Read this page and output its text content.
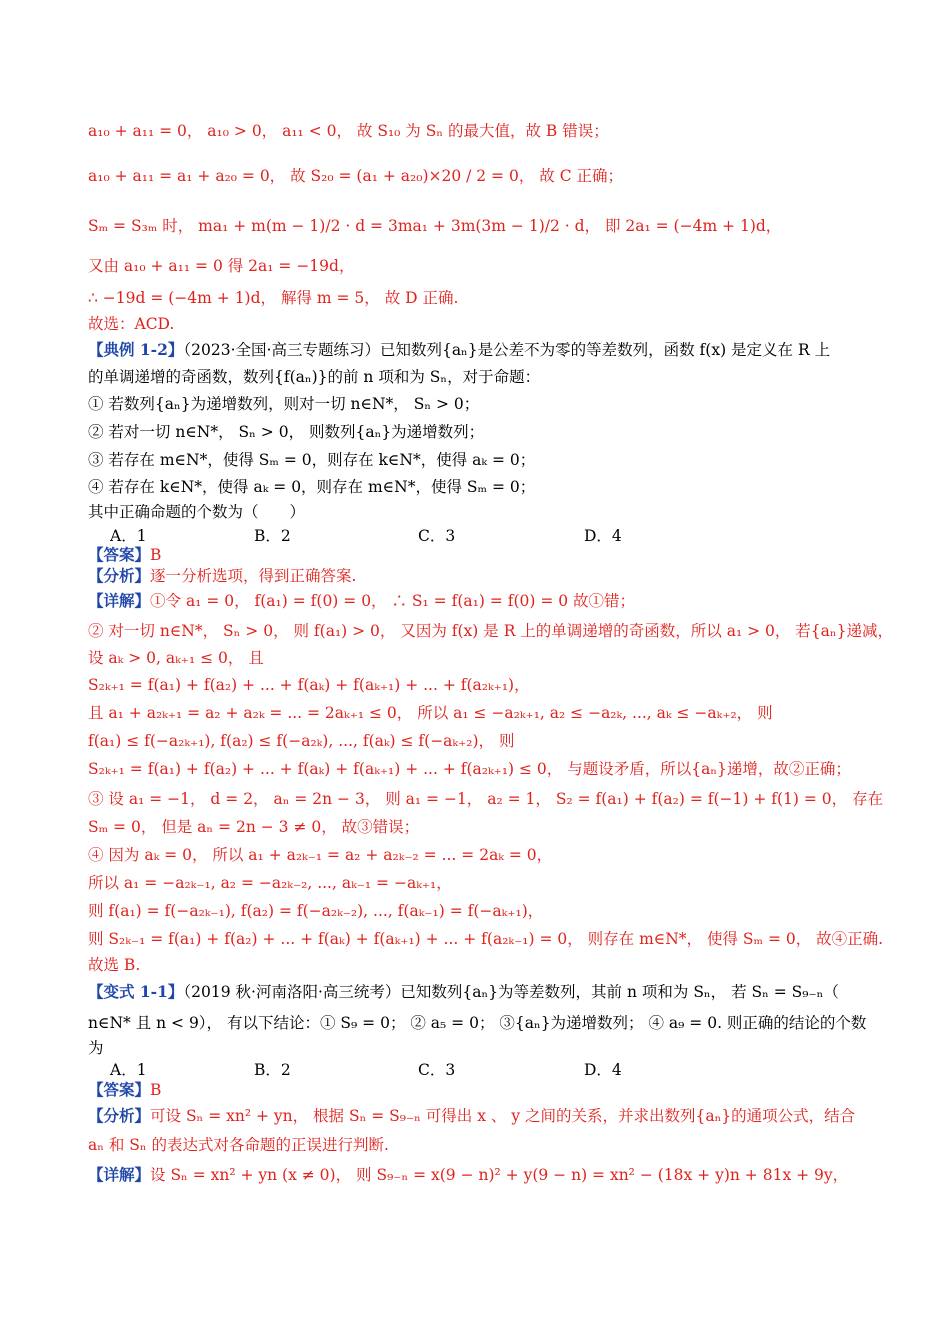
a₁₀ + a₁₁ = 0， a₁₀ > 0， a₁₁ < 0， 故 S₁₀ 为 Sₙ 的最大值，故 B 错误；
a₁₀ + a₁₁ = a₁ + a₂₀ = 0， 故 S₂₀ = (a₁ + a₂₀)×20 / 2 = 0， 故 C 正确；
Sₘ = S₃ₘ 时， ma₁ + m(m − 1)/2 · d = 3ma₁ + 3m(3m − 1)/2 · d， 即 2a₁ = (−4m + 1)d，
又由 a₁₀ + a₁₁ = 0 得 2a₁ = −19d，
∴ −19d = (−4m + 1)d， 解得 m = 5， 故 D 正确.
故选：ACD.
【典例 1-2】（2023·全国·高三专题练习）已知数列{aₙ}是公差不为零的等差数列，函数 f(x) 是定义在 R 上
的单调递增的奇函数，数列{f(aₙ)}的前 n 项和为 Sₙ，对于命题：
① 若数列{aₙ}为递增数列，则对一切 n∈N*， Sₙ > 0；
② 若对一切 n∈N*， Sₙ > 0， 则数列{aₙ}为递增数列；
③ 若存在 m∈N*，使得 Sₘ = 0，则存在 k∈N*，使得 aₖ = 0；
④ 若存在 k∈N*，使得 aₖ = 0，则存在 m∈N*，使得 Sₘ = 0；
其中正确命题的个数为（　　）
A．1	B．2	C．3	D．4
【答案】B
【分析】逐一分析选项，得到正确答案.
【详解】①令 a₁ = 0， f(a₁) = f(0) = 0， ∴ S₁ = f(a₁) = f(0) = 0 故①错；
② 对一切 n∈N*， Sₙ > 0， 则 f(a₁) > 0， 又因为 f(x) 是 R 上的单调递增的奇函数，所以 a₁ > 0， 若{aₙ}递减，
设 aₖ > 0, aₖ₊₁ ≤ 0， 且
S₂ₖ₊₁ = f(a₁) + f(a₂) + ... + f(aₖ) + f(aₖ₊₁) + ... + f(a₂ₖ₊₁)，
且 a₁ + a₂ₖ₊₁ = a₂ + a₂ₖ = ... = 2aₖ₊₁ ≤ 0， 所以 a₁ ≤ −a₂ₖ₊₁, a₂ ≤ −a₂ₖ, ..., aₖ ≤ −aₖ₊₂， 则
f(a₁) ≤ f(−a₂ₖ₊₁), f(a₂) ≤ f(−a₂ₖ), ..., f(aₖ) ≤ f(−aₖ₊₂)， 则
S₂ₖ₊₁ = f(a₁) + f(a₂) + ... + f(aₖ) + f(aₖ₊₁) + ... + f(a₂ₖ₊₁) ≤ 0， 与题设矛盾，所以{aₙ}递增，故②正确；
③ 设 a₁ = −1， d = 2， aₙ = 2n − 3， 则 a₁ = −1， a₂ = 1， S₂ = f(a₁) + f(a₂) = f(−1) + f(1) = 0， 存在
Sₘ = 0， 但是 aₙ = 2n − 3 ≠ 0， 故③错误；
④ 因为 aₖ = 0， 所以 a₁ + a₂ₖ₋₁ = a₂ + a₂ₖ₋₂ = ... = 2aₖ = 0，
所以 a₁ = −a₂ₖ₋₁, a₂ = −a₂ₖ₋₂, ..., aₖ₋₁ = −aₖ₊₁，
则 f(a₁) = f(−a₂ₖ₋₁), f(a₂) = f(−a₂ₖ₋₂), ..., f(aₖ₋₁) = f(−aₖ₊₁)，
则 S₂ₖ₋₁ = f(a₁) + f(a₂) + ... + f(aₖ) + f(aₖ₊₁) + ... + f(a₂ₖ₋₁) = 0， 则存在 m∈N*， 使得 Sₘ = 0， 故④正确.
故选 B.
【变式 1-1】（2019 秋·河南洛阳·高三统考）已知数列{aₙ}为等差数列，其前 n 项和为 Sₙ， 若 Sₙ = S₉₋ₙ（
n∈N* 且 n < 9）， 有以下结论：① S₉ = 0； ② a₅ = 0； ③{aₙ}为递增数列； ④ a₉ = 0. 则正确的结论的个数
为
A．1	B．2	C．3	D．4
【答案】B
【分析】可设 Sₙ = xn² + yn， 根据 Sₙ = S₉₋ₙ 可得出 x 、 y 之间的关系，并求出数列{aₙ}的通项公式，结合
aₙ 和 Sₙ 的表达式对各命题的正误进行判断.
【详解】设 Sₙ = xn² + yn (x ≠ 0)， 则 S₉₋ₙ = x(9 − n)² + y(9 − n) = xn² − (18x + y)n + 81x + 9y，
